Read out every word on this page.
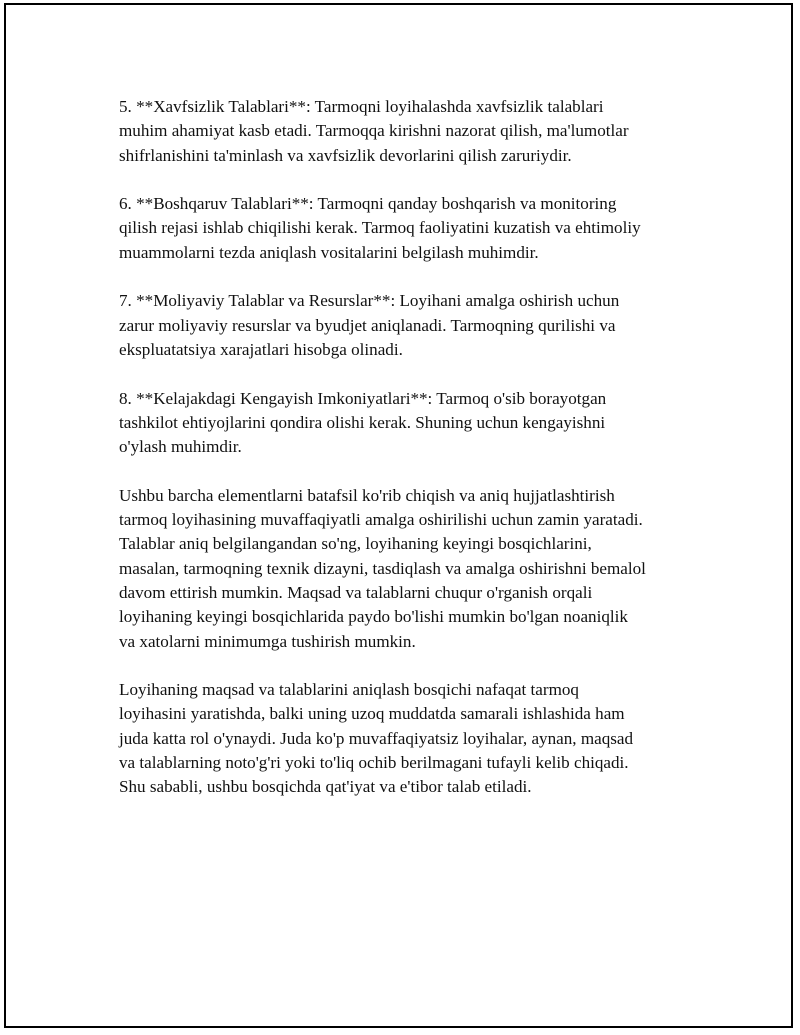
5. **Xavfsizlik Talablari**: Tarmoqni loyihalashda xavfsizlik talablari
muhim ahamiyat kasb etadi. Tarmoqqa kirishni nazorat qilish, ma'lumotlar
shifrlanishini ta'minlash va xavfsizlik devorlarini qilish zaruriydir.

6. **Boshqaruv Talablari**: Tarmoqni qanday boshqarish va monitoring
qilish rejasi ishlab chiqilishi kerak. Tarmoq faoliyatini kuzatish va ehtimoliy
muammolarni tezda aniqlash vositalarini belgilash muhimdir.

7. **Moliyaviy Talablar va Resurslar**: Loyihani amalga oshirish uchun
zarur moliyaviy resurslar va byudjet aniqlanadi. Tarmoqning qurilishi va
ekspluatatsiya xarajatlari hisobga olinadi.

8. **Kelajakdagi Kengayish Imkoniyatlari**: Tarmoq o'sib borayotgan
tashkilot ehtiyojlarini qondira olishi kerak. Shuning uchun kengayishni
o'ylash muhimdir.

Ushbu barcha elementlarni batafsil ko'rib chiqish va aniq hujjatlashtirish
tarmoq loyihasining muvaffaqiyatli amalga oshirilishi uchun zamin yaratadi.
Talablar aniq belgilangandan so'ng, loyihaning keyingi bosqichlarini,
masalan, tarmoqning texnik dizayni, tasdiqlash va amalga oshirishni bemalol
davom ettirish mumkin. Maqsad va talablarni chuqur o'rganish orqali
loyihaning keyingi bosqichlarida paydo bo'lishi mumkin bo'lgan noaniqlik
va xatolarni minimumga tushirish mumkin.

Loyihaning maqsad va talablarini aniqlash bosqichi nafaqat tarmoq
loyihasini yaratishda, balki uning uzoq muddatda samarali ishlashida ham
juda katta rol o'ynaydi. Juda ko'p muvaffaqiyatsiz loyihalar, aynan, maqsad
va talablarning noto'g'ri yoki to'liq ochib berilmagani tufayli kelib chiqadi.
Shu sababli, ushbu bosqichda qat'iyat va e'tibor talab etiladi.
